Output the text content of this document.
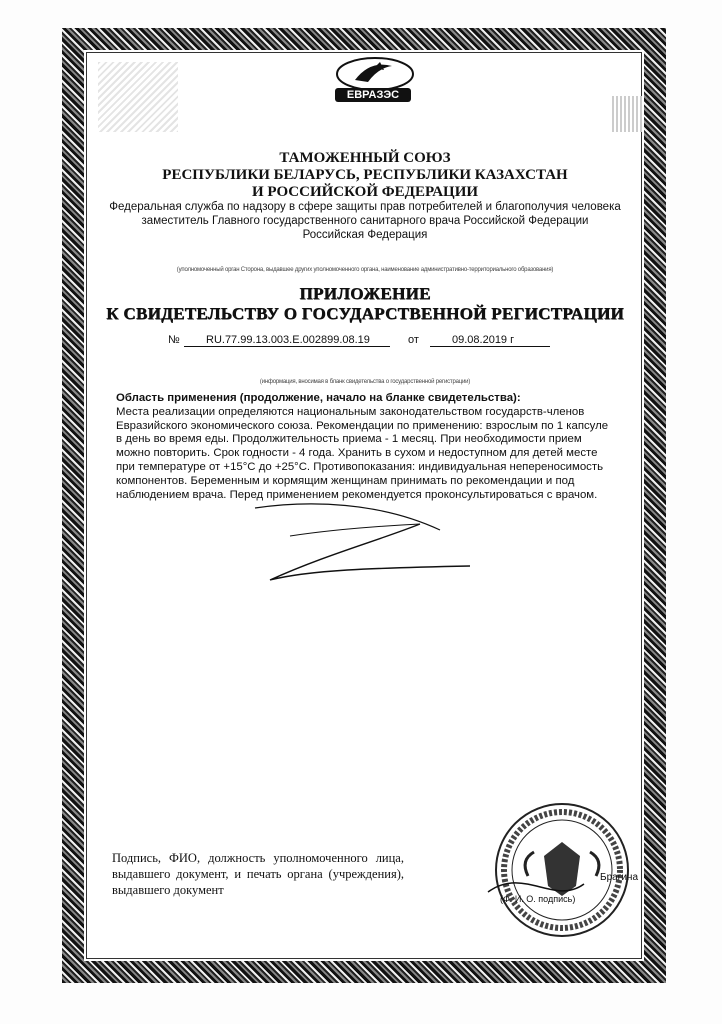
ЕВРАЗЭС
ТАМОЖЕННЫЙ СОЮЗ
РЕСПУБЛИКИ БЕЛАРУСЬ, РЕСПУБЛИКИ КАЗАХСТАН
И РОССИЙСКОЙ ФЕДЕРАЦИИ
Федеральная служба по надзору в сфере защиты прав потребителей и благополучия человека
заместитель Главного государственного санитарного врача Российской Федерации
Российская Федерация
(уполномоченный орган Сторона, выдавшее других уполномоченного органа, наименование административно-территориального образования)
ПРИЛОЖЕНИЕ
К СВИДЕТЕЛЬСТВУ О ГОСУДАРСТВЕННОЙ РЕГИСТРАЦИИ
№	RU.77.99.13.003.Е.002899.08.19	от	09.08.2019 г
(информация, вносимая в бланк свидетельства о государственной регистрации)
Область применения (продолжение, начало на бланке свидетельства):
Места реализации определяются национальным законодательством государств-членов Евразийского экономического союза. Рекомендации по применению: взрослым по 1 капсуле в день во время еды. Продолжительность приема - 1 месяц. При необходимости прием можно повторить. Срок годности - 4 года. Хранить в сухом и недоступном для детей месте при температуре от +15°С до +25°С. Противопоказания: индивидуальная непереносимость компонентов. Беременным и кормящим женщинам принимать по рекомендации и под наблюдением врача. Перед применением рекомендуется проконсультироваться с врачом.
Подпись, ФИО, должность уполномоченного лица, выдавшего документ, и печать органа (учреждения), выдавшего документ
Брагина
(Ф. И. О. подпись)
